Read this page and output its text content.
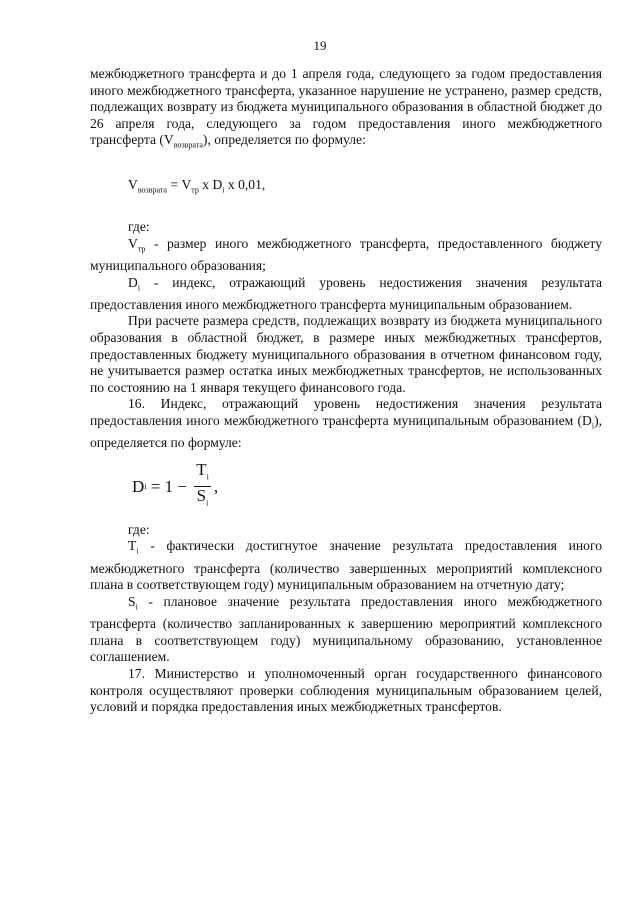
19

межбюджетного трансферта и до 1 апреля года, следующего за годом предоставления иного межбюджетного трансферта, указанное нарушение не устранено, размер средств, подлежащих возврату из бюджета муниципального образования в областной бюджет до 26 апреля года, следующего за годом предоставления иного межбюджетного трансферта $(V_{возврата})$, определяется по формуле:

$V_{возврата} = V_{тр}$ x $D_i$ x 0,01,

где:

$V_{тр}$ - размер иного межбюджетного трансферта, предоставленного бюджету муниципального образования;

$D_i$ - индекс, отражающий уровень недостижения значения результата предоставления иного межбюджетного трансферта муниципальным образованием.

При расчете размера средств, подлежащих возврату из бюджета муниципального образования в областной бюджет, в размере иных межбюджетных трансфертов, предоставленных бюджету муниципального образования в отчетном финансовом году, не учитывается размер остатка иных межбюджетных трансфертов, не использованных по состоянию на 1 января текущего финансового года.

16. Индекс, отражающий уровень недостижения значения результата предоставления иного межбюджетного трансферта муниципальным образованием $(D_i)$, определяется по формуле:

D $i = 1 - \frac{T_i}{S_i}$ ,

где:

$T_i$ - фактически достигнутое значение результата предоставления иного межбюджетного трансферта (количество завершенных мероприятий комплексного плана в соответствующем году) муниципальным образованием на отчетную дату;

$S_i$ - плановое значение результата предоставления иного межбюджетного трансферта (количество запланированных к завершению мероприятий комплексного плана в соответствующем году) муниципальному образованию, установленное соглашением.

17. Министерство и уполномоченный орган государственного финансового контроля осуществляют проверки соблюдения муниципальным образованием целей, условий и порядка предоставления иных межбюджетных трансфертов.
